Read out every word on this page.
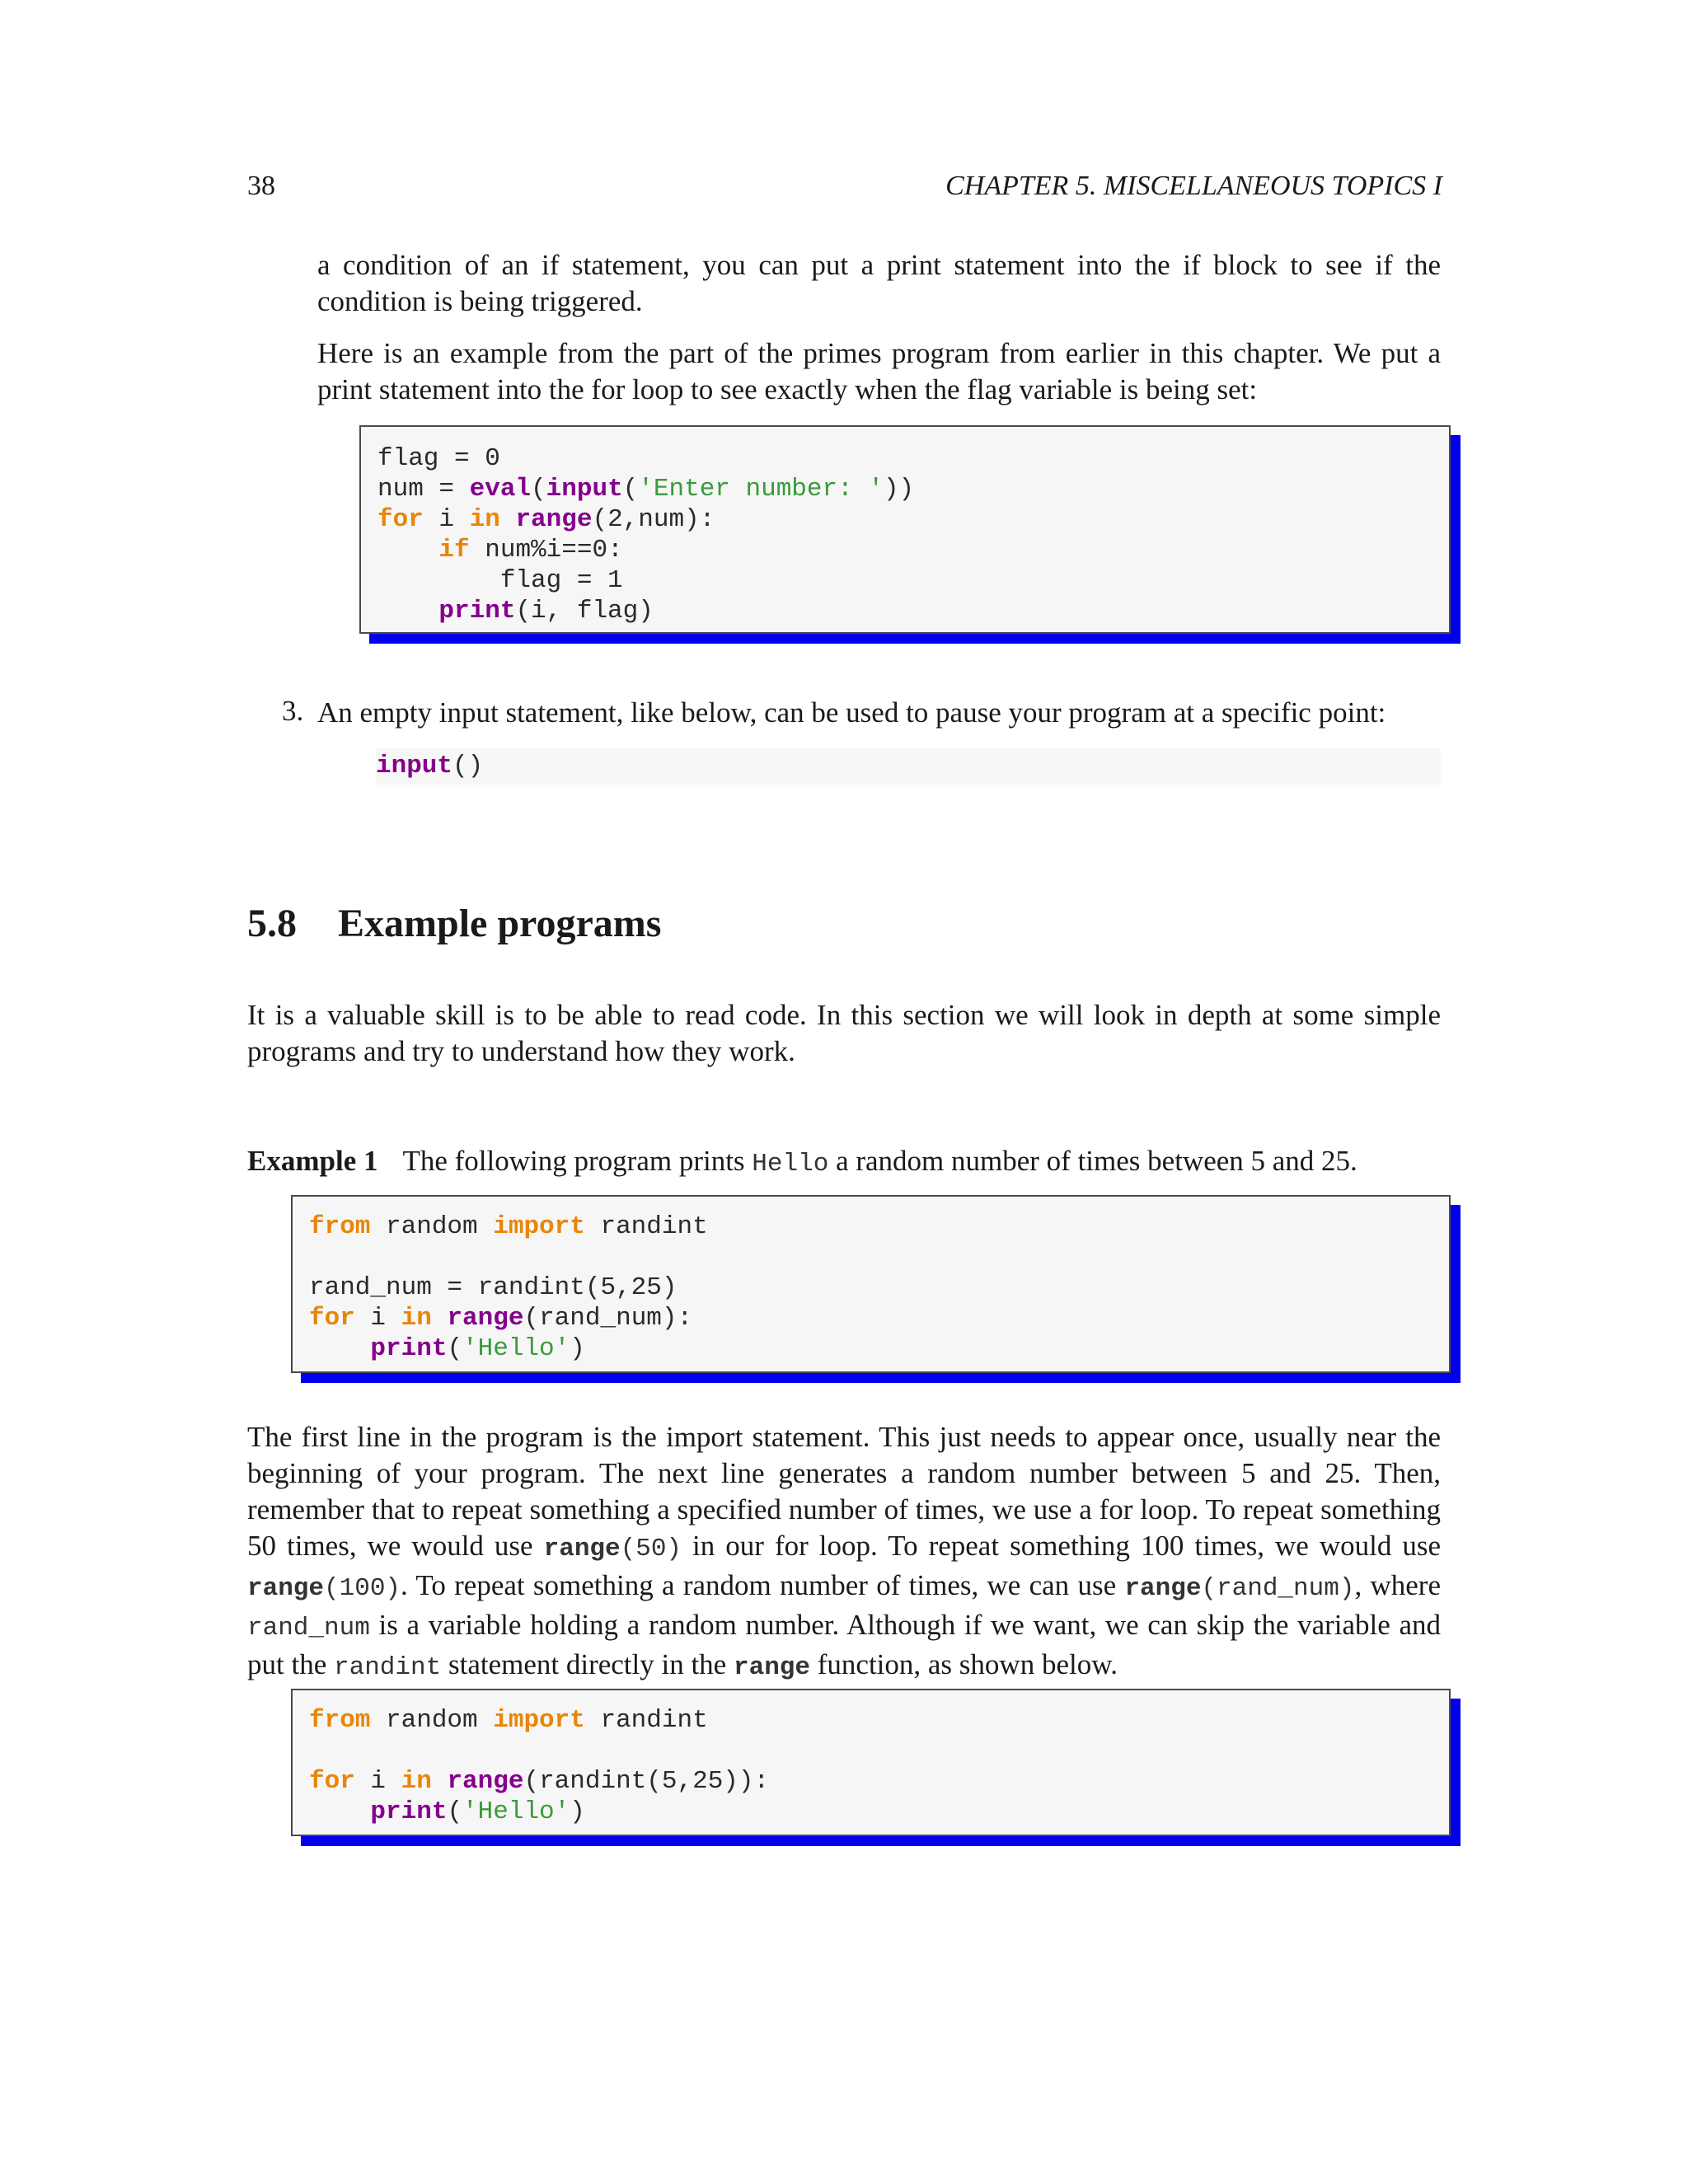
38	CHAPTER 5. MISCELLANEOUS TOPICS I

a condition of an if statement, you can put a print statement into the if block to see if the condition is being triggered.

Here is an example from the part of the primes program from earlier in this chapter. We put a print statement into the for loop to see exactly when the flag variable is being set:

flag = 0
num = eval(input('Enter number: '))
for i in range(2,num):
if num%i==0:
flag = 1
print(i, flag)
3. An empty input statement, like below, can be used to pause your program at a specific point:

input()
5.8 Example programs

It is a valuable skill is to be able to read code. In this section we will look in depth at some simple programs and try to understand how they work.

Example 1 The following program prints Hello a random number of times between 5 and 25.

from random import randint
rand_num = randint(5,25)
for i in range(rand_num):
print('Hello')

The first line in the program is the import statement. This just needs to appear once, usually near the beginning of your program. The next line generates a random number between 5 and 25. Then, remember that to repeat something a specified number of times, we use a for loop. To repeat something 50 times, we would use range(50) in our for loop. To repeat something 100 times, we would use range(100). To repeat something a random number of times, we can use range(rand_num), where rand_num is a variable holding a random number. Although if we want, we can skip the variable and put the randint statement directly in the range function, as shown below.

from random import randint
for i in range(randint(5,25)):
print('Hello')
